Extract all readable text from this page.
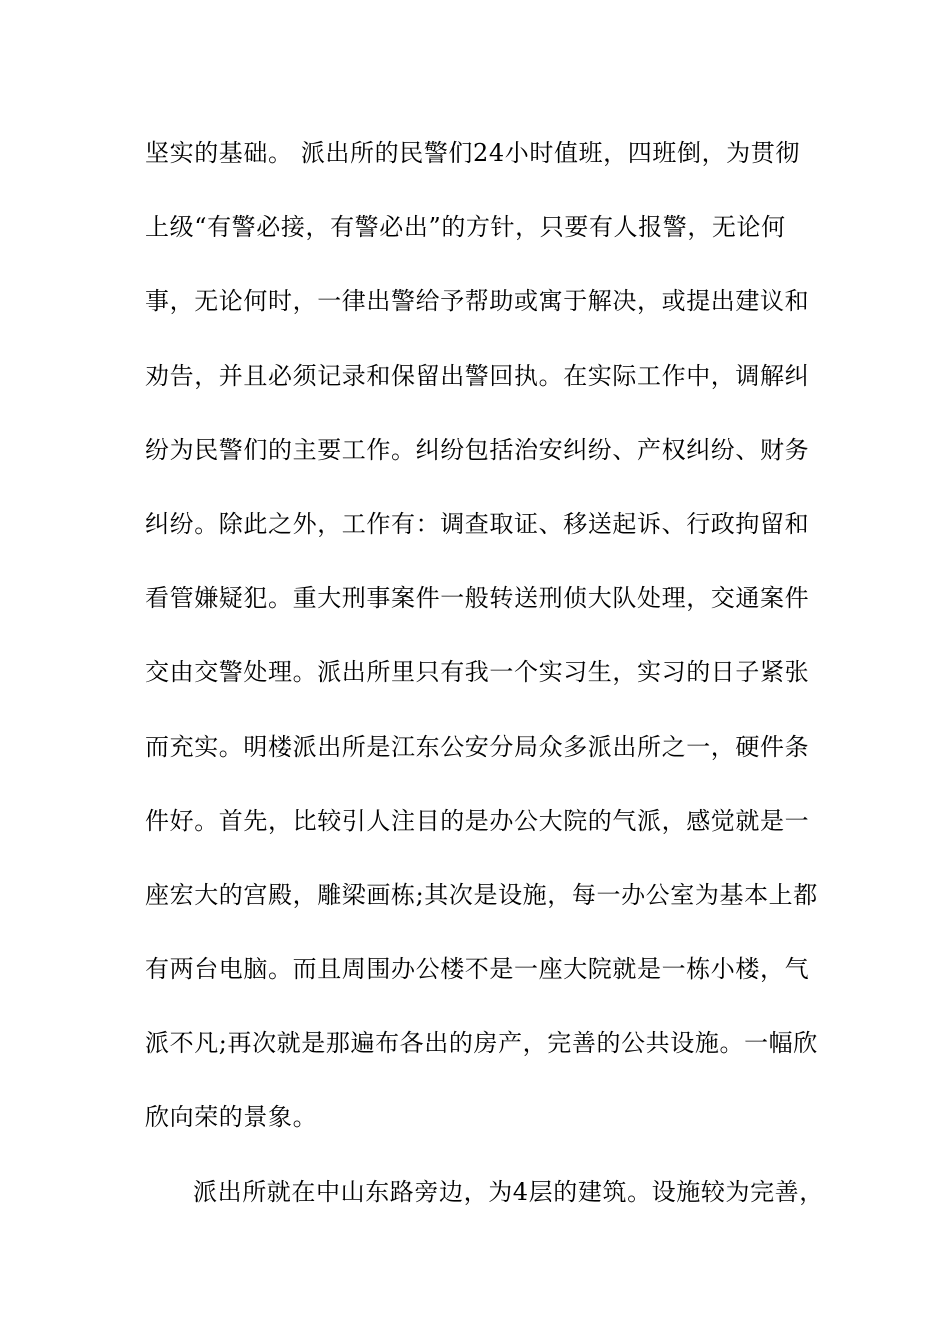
坚实的基础。 派出所的民警们24小时值班，四班倒，为贯彻
上级“有警必接，有警必出”的方针，只要有人报警，无论何
事，无论何时，一律出警给予帮助或寓于解决，或提出建议和
劝告，并且必须记录和保留出警回执。在实际工作中，调解纠
纷为民警们的主要工作。纠纷包括治安纠纷、产权纠纷、财务
纠纷。除此之外，工作有：调查取证、移送起诉、行政拘留和
看管嫌疑犯。重大刑事案件一般转送刑侦大队处理，交通案件
交由交警处理。派出所里只有我一个实习生，实习的日子紧张
而充实。明楼派出所是江东公安分局众多派出所之一，硬件条
件好。首先，比较引人注目的是办公大院的气派，感觉就是一
座宏大的宫殿，雕梁画栋;其次是设施，每一办公室为基本上都
有两台电脑。而且周围办公楼不是一座大院就是一栋小楼，气
派不凡;再次就是那遍布各出的房产，完善的公共设施。一幅欣
欣向荣的景象。
派出所就在中山东路旁边，为4层的建筑。设施较为完善，
